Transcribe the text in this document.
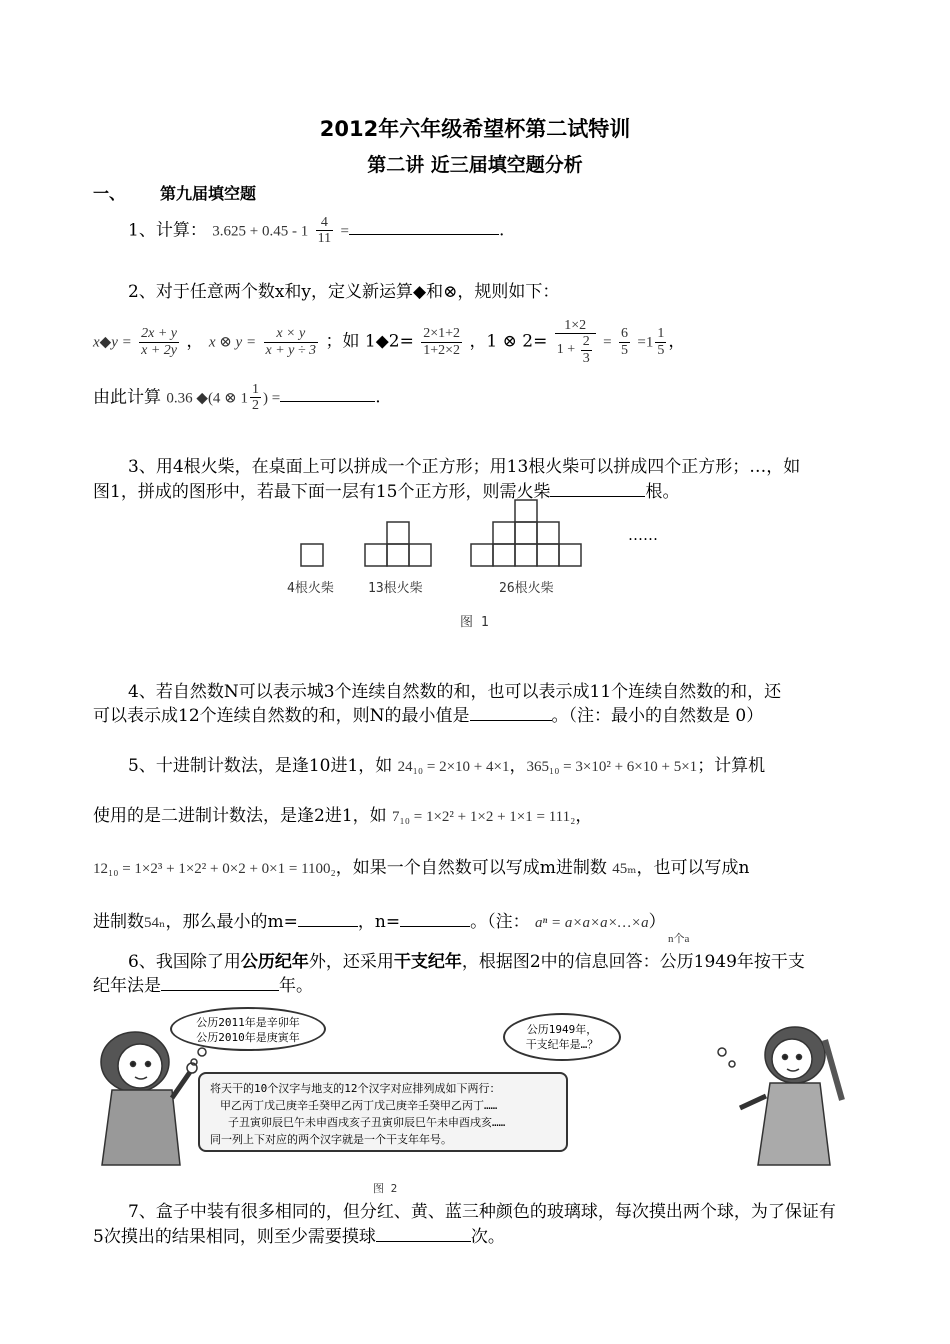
2012年六年级希望杯第二试特训
第二讲 近三届填空题分析
一、 第九届填空题
1、计算： $3.625 + 0.45 - 1 \frac{4}{11}$ =	.
2、对于任意两个数x和y，定义新运算◆和⊗，规则如下：
x◆y = $\frac{2x + y}{x + 2y}$ ， x ⊗ $y = \frac{x \times y}{x + y \div 3}$ ；如 1◆2= $\frac{2\times 1+2}{1+2\times 2}$ ，1 ⊗ $2= \frac{1\times 2}{1 + \frac{2}{3}} = \frac{6}{5} =1 \frac{1}{5}$ ，
由此计算 0.36 ◆(4 ⊗ $1 \frac{1}{2}$ ) =	.
3、用4根火柴，在桌面上可以拼成一个正方形；用13根火柴可以拼成四个正方形；…，如
图1，拼成的图形中，若最下面一层有15个正方形，则需火柴	根。
……
4根火柴	13根火柴	26根火柴
图 1
4、若自然数N可以表示城3个连续自然数的和，也可以表示成11个连续自然数的和，还
可以表示成12个连续自然数的和，则N的最小值是	。（注：最小的自然数是 0）
5、十进制计数法，是逢10进1，如 24₁₀ = 2×10 + 4×1，365₁₀ = 3×10² + 6×10 + 5×1；计算机
使用的是二进制计数法，是逢2进1，如 7₁₀ = 1×2² + 1×2 + 1×1 = 111₂，
12₁₀ = 1×2³ + 1×2² + 0×2 + 0×1 = 1100₂，如果一个自然数可以写成m进制数 45ₘ，也可以写成n
进制数54ₙ，那么最小的m=	，n=	。（注： aⁿ = a×a×a×…×a）
n个a
6、我国除了用公历纪年外，还采用干支纪年，根据图2中的信息回答：公历1949年按干支
纪年法是	年。
公历2011年是辛卯年
公历2010年是庚寅年
公历1949年，
干支纪年是…？
将天干的10个汉字与地支的12个汉字对应排列成如下两行：
甲乙丙丁戊己庚辛壬癸甲乙丙丁戊己庚辛壬癸甲乙丙丁……
子丑寅卯辰巳午未申酉戌亥子丑寅卯辰巳午未申酉戌亥……
同一列上下对应的两个汉字就是一个干支年年号。
图 2
7、盒子中装有很多相同的，但分红、黄、蓝三种颜色的玻璃球，每次摸出两个球，为了保证有
5次摸出的结果相同，则至少需要摸球	次。
